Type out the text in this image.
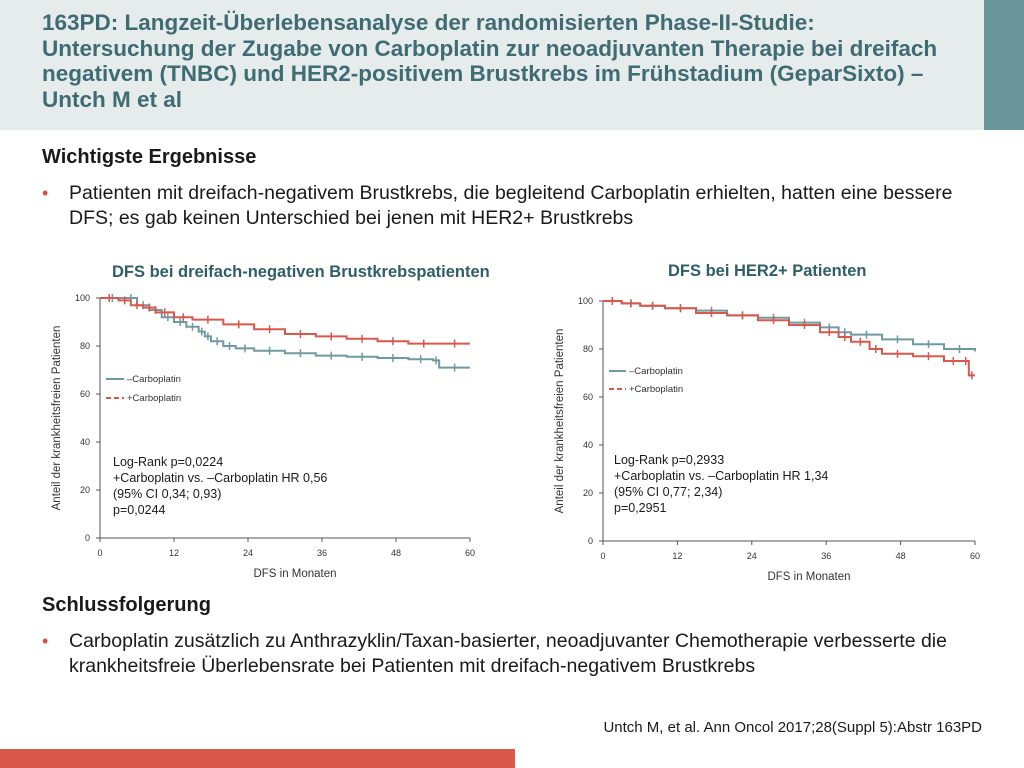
163PD: Langzeit-Überlebensanalyse der randomisierten Phase-II-Studie: Untersuchung der Zugabe von Carboplatin zur neoadjuvanten Therapie bei dreifach negativem (TNBC) und HER2-positivem Brustkrebs im Frühstadium (GeparSixto) – Untch M et al
Wichtigste Ergebnisse
• Patienten mit dreifach-negativem Brustkrebs, die begleitend Carboplatin erhielten, hatten eine bessere DFS; es gab keinen Unterschied bei jenen mit HER2+ Brustkrebs
DFS bei dreifach-negativen Brustkrebspatienten
Anteil der krankheitsfreien Patienten
DFS in Monaten
–Carboplatin
+Carboplatin
Log-Rank p=0,0224
+Carboplatin vs. –Carboplatin HR 0,56
(95% CI 0,34; 0,93)
p=0,0244
0	12	24	36	48	60
0
20
40
60
80
100
DFS bei HER2+ Patienten
Anteil der krankheitsfreien Patienten
DFS in Monaten
–Carboplatin
+Carboplatin
Log-Rank p=0,2933
+Carboplatin vs. –Carboplatin HR 1,34
(95% CI 0,77; 2,34)
p=0,2951
0	12	24	36	48	60
0
20
40
60
80
100
Schlussfolgerung
• Carboplatin zusätzlich zu Anthrazyklin/Taxan-basierter, neoadjuvanter Chemotherapie verbesserte die krankheitsfreie Überlebensrate bei Patienten mit dreifach-negativem Brustkrebs
Untch M, et al. Ann Oncol 2017;28(Suppl 5):Abstr 163PD
